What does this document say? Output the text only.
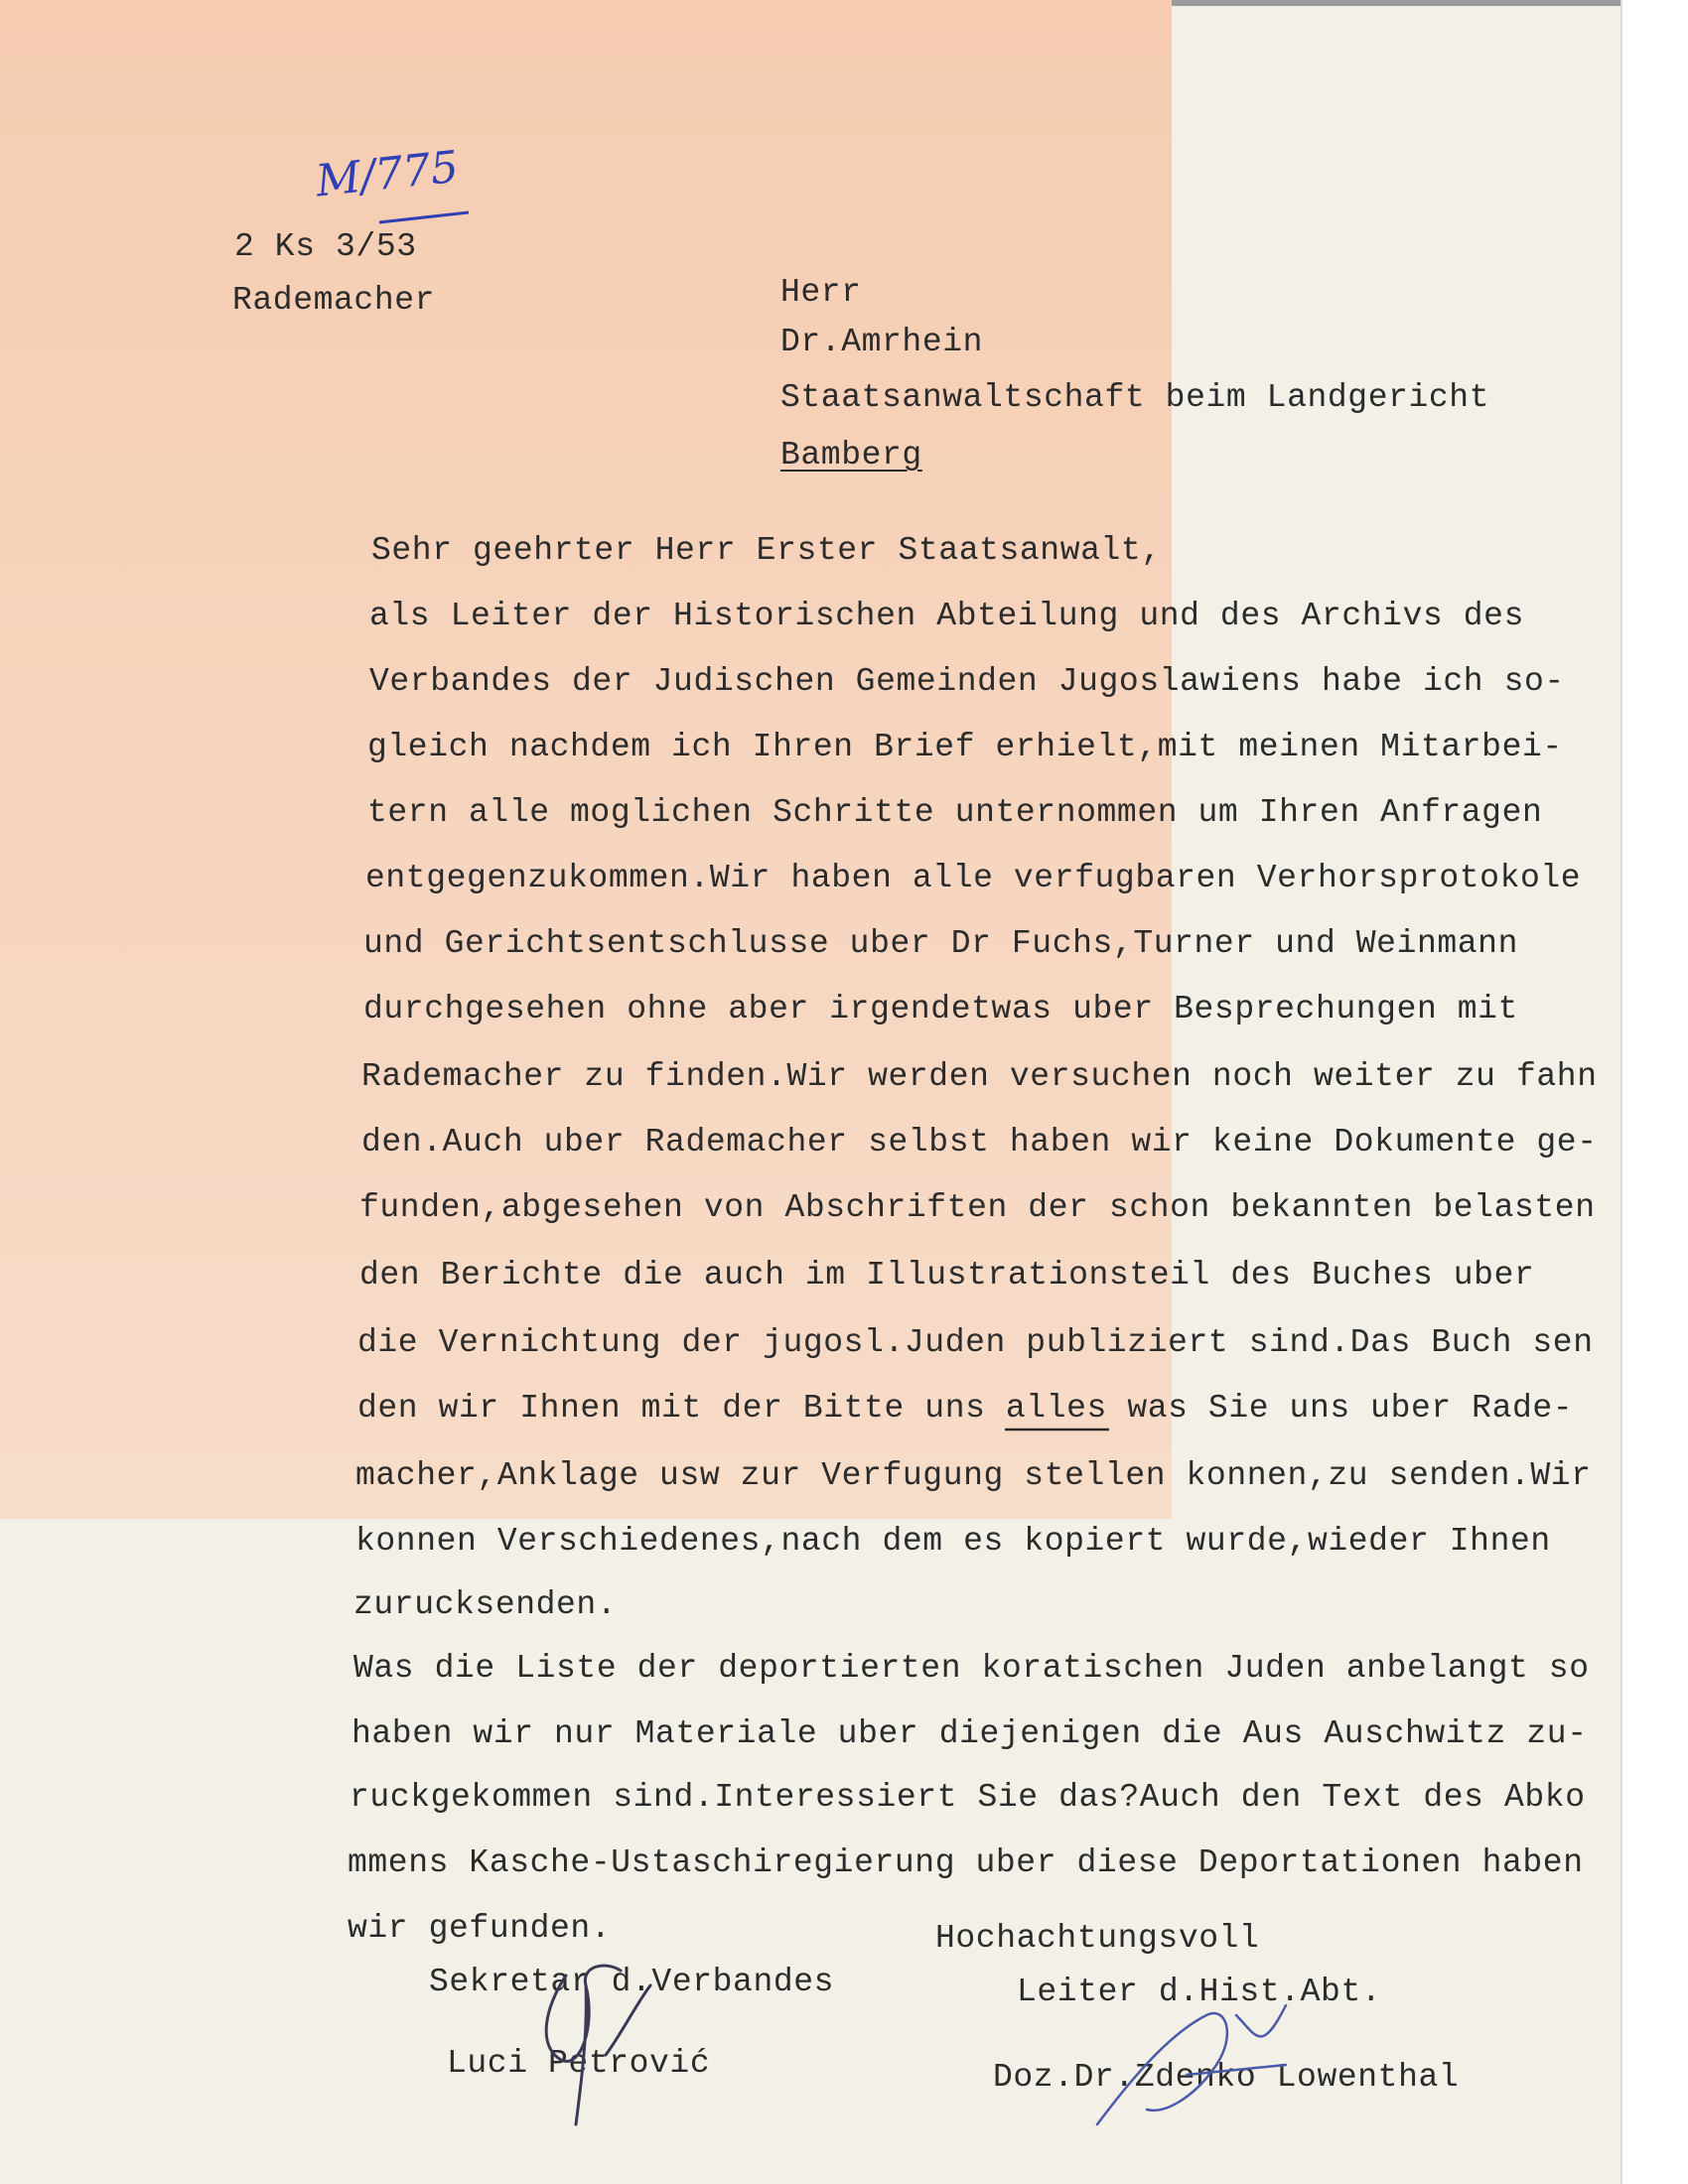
M/775
2 Ks 3/53
Rademacher	Herr
Dr.Amrhein
Staatsanwaltschaft beim Landgericht
Bamberg
Sehr geehrter Herr Erster Staatsanwalt,
als Leiter der Historischen Abteilung und des Archivs des
Verbandes der Judischen Gemeinden Jugoslawiens habe ich so-
gleich nachdem ich Ihren Brief erhielt,mit meinen Mitarbei-
tern alle moglichen Schritte unternommen um Ihren Anfragen
entgegenzukommen.Wir haben alle verfugbaren Verhorsprotokole
und Gerichtsentschlusse uber Dr Fuchs,Turner und Weinmann
durchgesehen ohne aber irgendetwas uber Besprechungen mit
Rademacher zu finden.Wir werden versuchen noch weiter zu fahn
den.Auch uber Rademacher selbst haben wir keine Dokumente ge-
funden,abgesehen von Abschriften der schon bekannten belasten
den Berichte die auch im Illustrationsteil des Buches uber
die Vernichtung der jugosl.Juden publiziert sind.Das Buch sen
den wir Ihnen mit der Bitte uns alles was Sie uns uber Rade-
macher,Anklage usw zur Verfugung stellen konnen,zu senden.Wir
konnen Verschiedenes,nach dem es kopiert wurde,wieder Ihnen
zurucksenden.
Was die Liste der deportierten koratischen Juden anbelangt so
haben wir nur Materiale uber diejenigen die Aus Auschwitz zu-
ruckgekommen sind.Interessiert Sie das?Auch den Text des Abko
mmens Kasche-Ustaschiregierung uber diese Deportationen haben
wir gefunden.	Hochachtungsvoll
Sekretar d.Verbandes
Luci Petrović
Leiter d.Hist.Abt.
Doz.Dr.Zdenko Lowenthal
